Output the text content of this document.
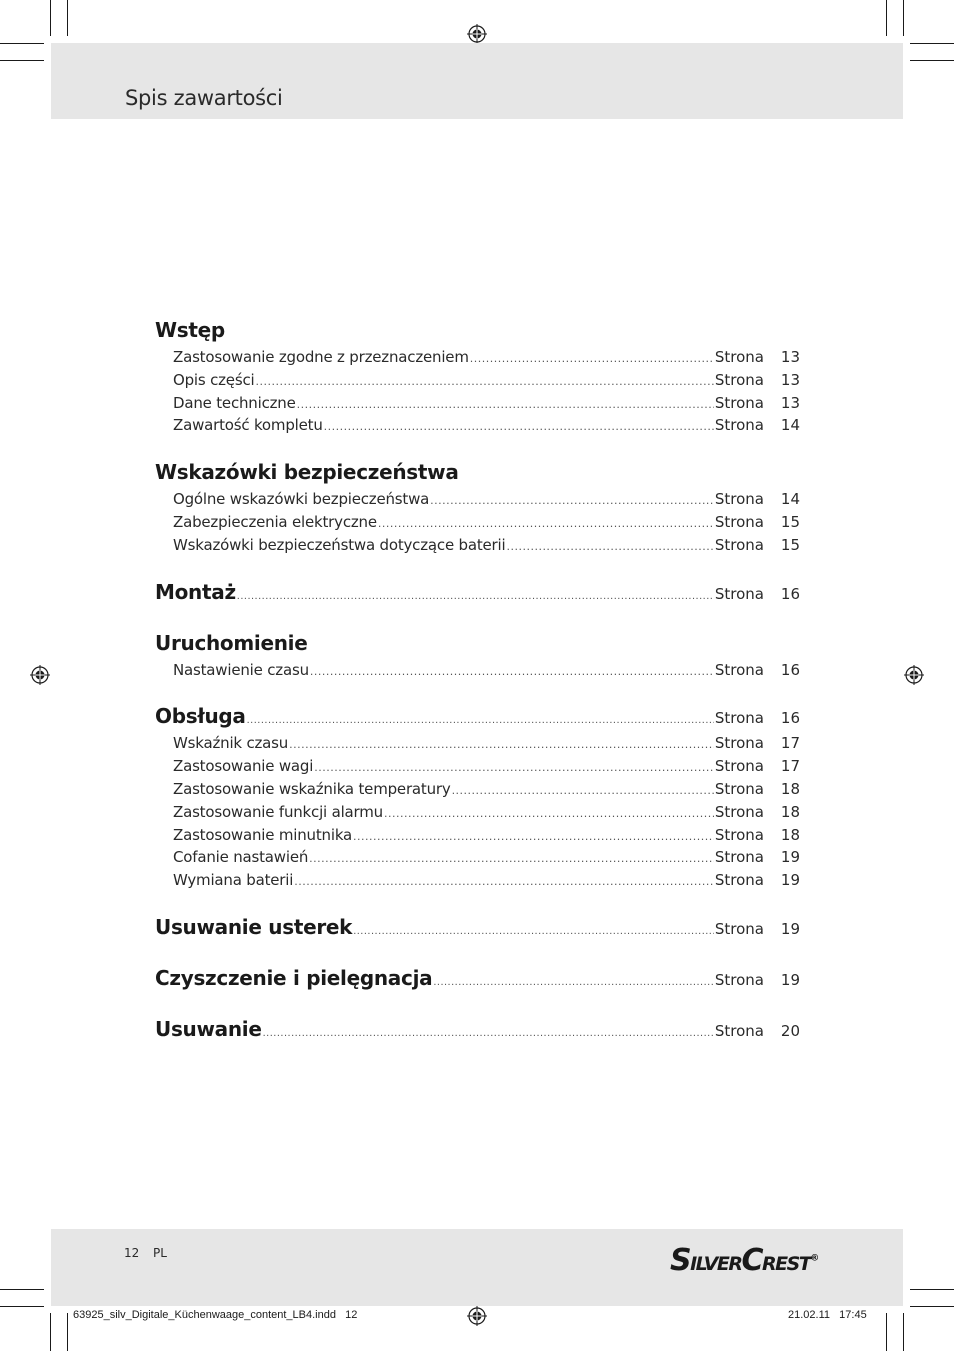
Spis zawartości
Wstęp
Zastosowanie zgodne z przeznaczeniem .....	Strona	13
Opis części .....	Strona	13
Dane techniczne .....	Strona	13
Zawartość kompletu .....	Strona	14
Wskazówki bezpieczeństwa
Ogólne wskazówki bezpieczeństwa .....	Strona	14
Zabezpieczenia elektryczne .....	Strona	15
Wskazówki bezpieczeństwa dotyczące baterii .....	Strona	15
Montaż .....	Strona	16
Uruchomienie
Nastawienie czasu .....	Strona	16
Obsługa .....	Strona	16
Wskaźnik czasu .....	Strona	17
Zastosowanie wagi .....	Strona	17
Zastosowanie wskaźnika temperatury .....	Strona	18
Zastosowanie funkcji alarmu .....	Strona	18
Zastosowanie minutnika .....	Strona	18
Cofanie nastawień .....	Strona	19
Wymiana baterii .....	Strona	19
Usuwanie usterek .....	Strona	19
Czyszczenie i pielęgnacja .....	Strona	19
Usuwanie .....	Strona	20
12 PL	SILVERCREST®
63925_silv_Digitale_Küchenwaage_content_LB4.indd   12	21.02.11   17:45
